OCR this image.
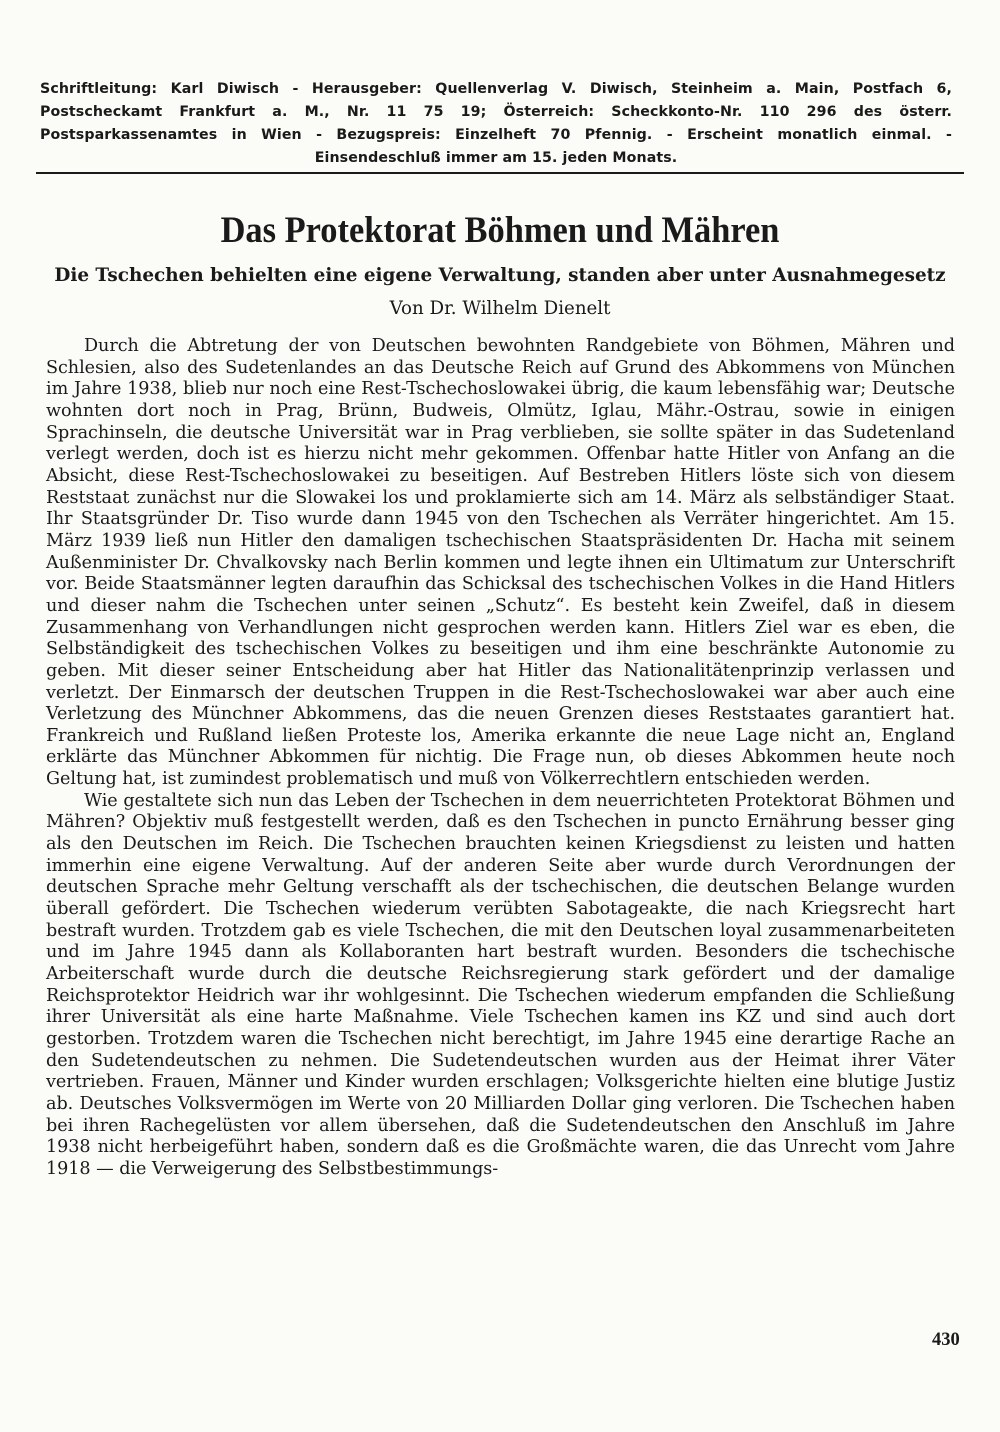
Schriftleitung: Karl Diwisch - Herausgeber: Quellenverlag V. Diwisch, Steinheim a. Main, Postfach 6, Postscheckamt Frankfurt a. M., Nr. 11 75 19; Österreich: Scheckkonto-Nr. 110 296 des österr. Postsparkassenamtes in Wien - Bezugspreis: Einzelheft 70 Pfennig. - Erscheint monatlich einmal. - Einsendeschluß immer am 15. jeden Monats.
Das Protektorat Böhmen und Mähren
Die Tschechen behielten eine eigene Verwaltung, standen aber unter Ausnahmegesetz
Von Dr. Wilhelm Dienelt

Durch die Abtretung der von Deutschen bewohnten Randgebiete von Böhmen, Mähren und Schlesien, also des Sudetenlandes an das Deutsche Reich auf Grund des Abkommens von München im Jahre 1938, blieb nur noch eine Rest-Tschechoslowakei übrig, die kaum lebensfähig war; Deutsche wohnten dort noch in Prag, Brünn, Budweis, Olmütz, Iglau, Mähr.-Ostrau, sowie in einigen Sprachinseln, die deutsche Universität war in Prag verblieben, sie sollte später in das Sudetenland verlegt werden, doch ist es hierzu nicht mehr gekommen. Offenbar hatte Hitler von Anfang an die Absicht, diese Rest-Tschechoslowakei zu beseitigen. Auf Bestreben Hitlers löste sich von diesem Reststaat zunächst nur die Slowakei los und proklamierte sich am 14. März als selbständiger Staat. Ihr Staatsgründer Dr. Tiso wurde dann 1945 von den Tschechen als Verräter hingerichtet. Am 15. März 1939 ließ nun Hitler den damaligen tschechischen Staatspräsidenten Dr. Hacha mit seinem Außenminister Dr. Chvalkovsky nach Berlin kommen und legte ihnen ein Ultimatum zur Unterschrift vor. Beide Staatsmänner legten daraufhin das Schicksal des tschechischen Volkes in die Hand Hitlers und dieser nahm die Tschechen unter seinen „Schutz“. Es besteht kein Zweifel, daß in diesem Zusammenhang von Verhandlungen nicht gesprochen werden kann. Hitlers Ziel war es eben, die Selbständigkeit des tschechischen Volkes zu beseitigen und ihm eine beschränkte Autonomie zu geben. Mit dieser seiner Entscheidung aber hat Hitler das Nationalitätenprinzip verlassen und verletzt. Der Einmarsch der deutschen Truppen in die Rest-Tschechoslowakei war aber auch eine Verletzung des Münchner Abkommens, das die neuen Grenzen dieses Reststaates garantiert hat. Frankreich und Rußland ließen Proteste los, Amerika erkannte die neue Lage nicht an, England erklärte das Münchner Abkommen für nichtig. Die Frage nun, ob dieses Abkommen heute noch Geltung hat, ist zumindest problematisch und muß von Völkerrechtlern entschieden werden.

Wie gestaltete sich nun das Leben der Tschechen in dem neuerrichteten Protektorat Böhmen und Mähren? Objektiv muß festgestellt werden, daß es den Tschechen in puncto Ernährung besser ging als den Deutschen im Reich. Die Tschechen brauchten keinen Kriegsdienst zu leisten und hatten immerhin eine eigene Verwaltung. Auf der anderen Seite aber wurde durch Verordnungen der deutschen Sprache mehr Geltung verschafft als der tschechischen, die deutschen Belange wurden überall gefördert. Die Tschechen wiederum verübten Sabotageakte, die nach Kriegsrecht hart bestraft wurden. Trotzdem gab es viele Tschechen, die mit den Deutschen loyal zusammenarbeiteten und im Jahre 1945 dann als Kollaboranten hart bestraft wurden. Besonders die tschechische Arbeiterschaft wurde durch die deutsche Reichsregierung stark gefördert und der damalige Reichsprotektor Heidrich war ihr wohlgesinnt. Die Tschechen wiederum empfanden die Schließung ihrer Universität als eine harte Maßnahme. Viele Tschechen kamen ins KZ und sind auch dort gestorben. Trotzdem waren die Tschechen nicht berechtigt, im Jahre 1945 eine derartige Rache an den Sudetendeutschen zu nehmen. Die Sudetendeutschen wurden aus der Heimat ihrer Väter vertrieben. Frauen, Männer und Kinder wurden erschlagen; Volksgerichte hielten eine blutige Justiz ab. Deutsches Volksvermögen im Werte von 20 Milliarden Dollar ging verloren. Die Tschechen haben bei ihren Rachegelüsten vor allem übersehen, daß die Sudetendeutschen den Anschluß im Jahre 1938 nicht herbeigeführt haben, sondern daß es die Großmächte waren, die das Unrecht vom Jahre 1918 — die Verweigerung des Selbstbestimmungs-

430
